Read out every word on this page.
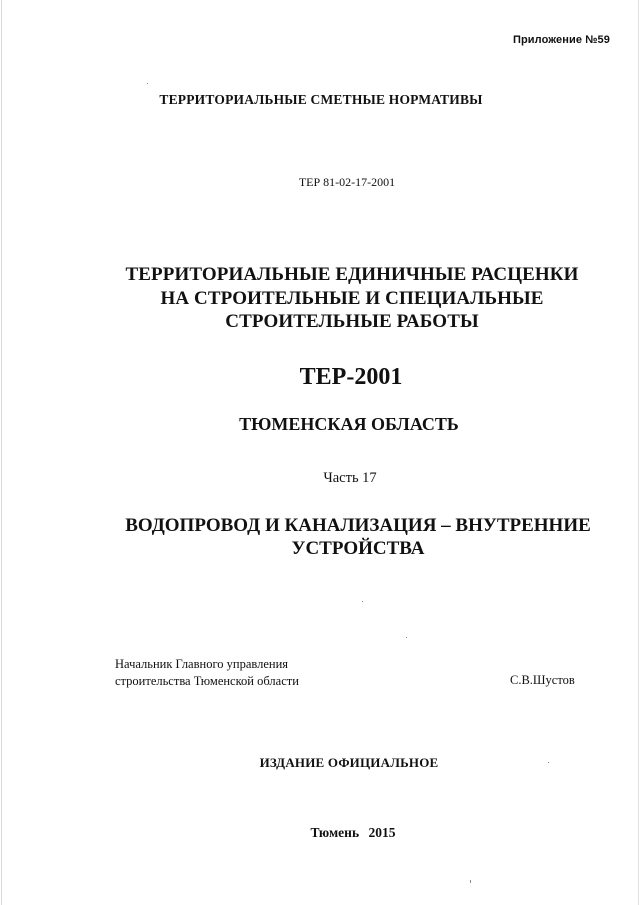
Приложение №59
ТЕРРИТОРИАЛЬНЫЕ СМЕТНЫЕ НОРМАТИВЫ
ТЕР 81-02-17-2001
ТЕРРИТОРИАЛЬНЫЕ ЕДИНИЧНЫЕ РАСЦЕНКИ
НА СТРОИТЕЛЬНЫЕ И СПЕЦИАЛЬНЫЕ
СТРОИТЕЛЬНЫЕ РАБОТЫ
ТЕР-2001
ТЮМЕНСКАЯ ОБЛАСТЬ
Часть 17
ВОДОПРОВОД И КАНАЛИЗАЦИЯ – ВНУТРЕННИЕ
УСТРОЙСТВА
Начальник Главного управления
строительства Тюменской области	С.В.Шустов
ИЗДАНИЕ ОФИЦИАЛЬНОЕ
Тюмень 2015
